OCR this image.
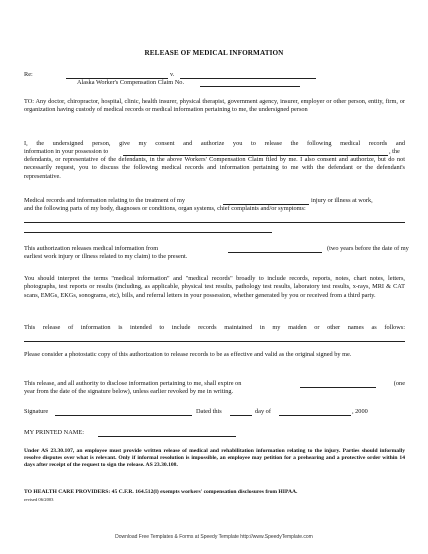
RELEASE OF MEDICAL INFORMATION
Re:	v.
Alaska Worker's Compensation Claim No.
TO: Any doctor, chiropractor, hospital, clinic, health insurer, physical therapist, government agency, insurer, employer or other person, entity, firm, or organization having custody of medical records or medical information pertaining to me, the undersigned person
I, the undersigned person, give my consent and authorize you to release the following medical records and
information in your possession to	, the
defendants, or representative of the defendants, in the above Workers' Compensation Claim filed by me. I also consent and authorize, but do not necessarily request, you to discuss the following medical records and information pertaining to me with the defendant or the defendant's representative.
Medical records and information relating to the treatment of my	injury or illness at work,
and the following parts of my body, diagnoses or conditions, organ systems, chief complaints and/or symptoms:
This authorization releases medical information from	(two years before the date of my
earliest work injury or illness related to my claim) to the present.
You should interpret the terms "medical information" and "medical records" broadly to include records, reports, notes, chart notes, letters, photographs, test reports or results (including, as applicable, physical test results, pathology test results, laboratory test results, x-rays, MRI & CAT scans, EMGs, EKGs, sonograms, etc), bills, and referral letters in your possession, whether generated by you or received from a third party.
This release of information is intended to include records maintained in my maiden or other names as follows:
Please consider a photostatic copy of this authorization to release records to be as effective and valid as the original signed by me.
This release, and all authority to disclose information pertaining to me, shall expire on	(one
year from the date of the signature below), unless earlier revoked by me in writing.
Signature	Dated this	day of	, 2000
MY PRINTED NAME:
Under AS 23.30.107, an employee must provide written release of medical and rehabilitation information relating to the injury. Parties should informally resolve disputes over what is relevant. Only if informal resolution is impossible, an employee may petition for a prehearing and a protective order within 14 days after receipt of the request to sign the release. AS 23.30.108.
TO HEALTH CARE PROVIDERS: 45 C.F.R. 164.512(l) exempts workers' compensation disclosures from HIPAA.
revised 06/2003
Download Free Templates & Forms at Speedy Template http://www.SpeedyTemplate.com
